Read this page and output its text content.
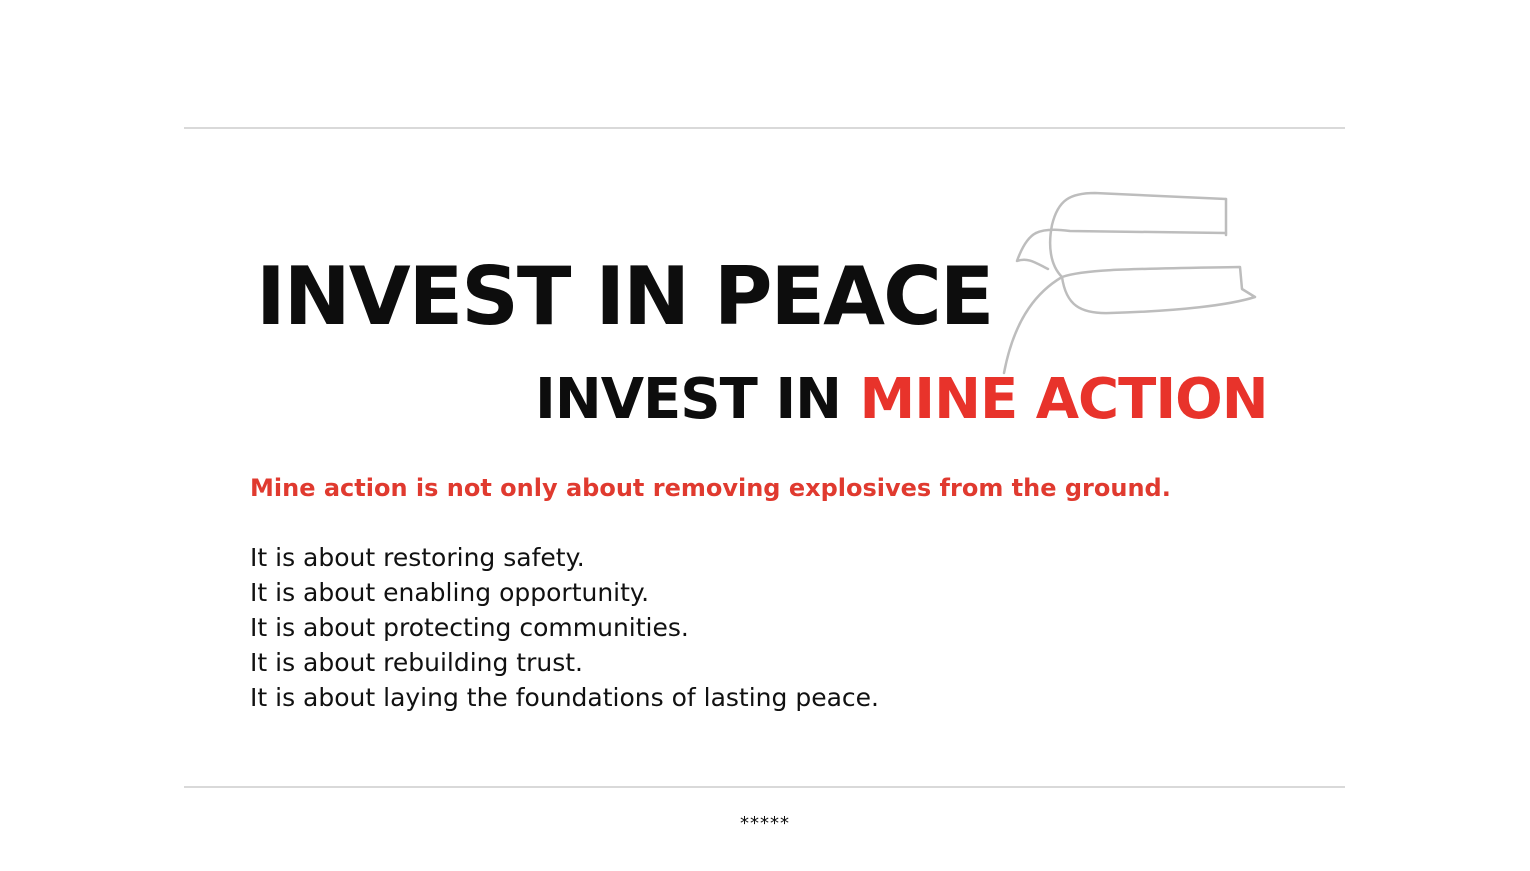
INVEST IN PEACE
INVEST IN MINE ACTION

Mine action is not only about removing explosives from the ground.

It is about restoring safety.
It is about enabling opportunity.
It is about protecting communities.
It is about rebuilding trust.
It is about laying the foundations of lasting peace.
*****
